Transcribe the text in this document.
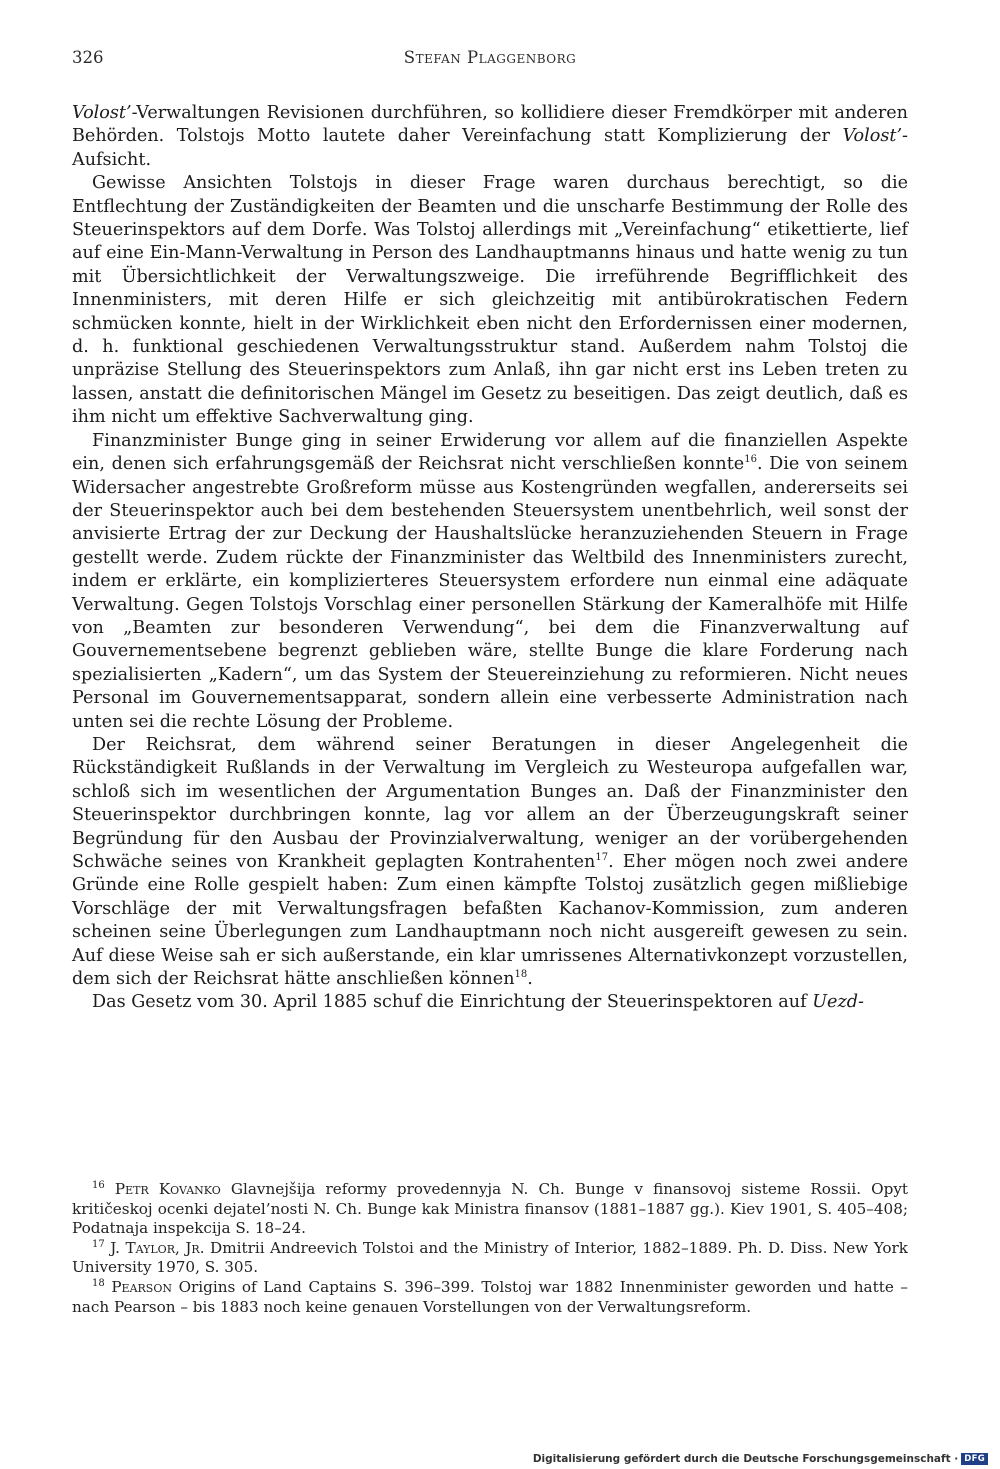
326	Stefan Plaggenborg

Volost’-Verwaltungen Revisionen durchführen, so kollidiere dieser Fremdkörper mit anderen Behörden. Tolstojs Motto lautete daher Vereinfachung statt Komplizierung der Volost’-Aufsicht.

Gewisse Ansichten Tolstojs in dieser Frage waren durchaus berechtigt, so die Entflechtung der Zuständigkeiten der Beamten und die unscharfe Bestimmung der Rolle des Steuerinspektors auf dem Dorfe. Was Tolstoj allerdings mit „Vereinfachung“ etikettierte, lief auf eine Ein-Mann-Verwaltung in Person des Landhauptmanns hinaus und hatte wenig zu tun mit Übersichtlichkeit der Verwaltungszweige. Die irreführende Begrifflichkeit des Innenministers, mit deren Hilfe er sich gleichzeitig mit antibürokratischen Federn schmücken konnte, hielt in der Wirklichkeit eben nicht den Erfordernissen einer modernen, d. h. funktional geschiedenen Verwaltungsstruktur stand. Außerdem nahm Tolstoj die unpräzise Stellung des Steuerinspektors zum Anlaß, ihn gar nicht erst ins Leben treten zu lassen, anstatt die definitorischen Mängel im Gesetz zu beseitigen. Das zeigt deutlich, daß es ihm nicht um effektive Sachverwaltung ging.

Finanzminister Bunge ging in seiner Erwiderung vor allem auf die finanziellen Aspekte ein, denen sich erfahrungsgemäß der Reichsrat nicht verschließen konnte$^{16}$. Die von seinem Widersacher angestrebte Großreform müsse aus Kostengründen wegfallen, andererseits sei der Steuerinspektor auch bei dem bestehenden Steuersystem unentbehrlich, weil sonst der anvisierte Ertrag der zur Deckung der Haushaltslücke heranzuziehenden Steuern in Frage gestellt werde. Zudem rückte der Finanzminister das Weltbild des Innenministers zurecht, indem er erklärte, ein komplizierteres Steuersystem erfordere nun einmal eine adäquate Verwaltung. Gegen Tolstojs Vorschlag einer personellen Stärkung der Kameralhöfe mit Hilfe von „Beamten zur besonderen Verwendung“, bei dem die Finanzverwaltung auf Gouvernementsebene begrenzt geblieben wäre, stellte Bunge die klare Forderung nach spezialisierten „Kadern“, um das System der Steuereinziehung zu reformieren. Nicht neues Personal im Gouvernementsapparat, sondern allein eine verbesserte Administration nach unten sei die rechte Lösung der Probleme.

Der Reichsrat, dem während seiner Beratungen in dieser Angelegenheit die Rückständigkeit Rußlands in der Verwaltung im Vergleich zu Westeuropa aufgefallen war, schloß sich im wesentlichen der Argumentation Bunges an. Daß der Finanzminister den Steuerinspektor durchbringen konnte, lag vor allem an der Überzeugungskraft seiner Begründung für den Ausbau der Provinzialverwaltung, weniger an der vorübergehenden Schwäche seines von Krankheit geplagten Kontrahenten$^{17}$. Eher mögen noch zwei andere Gründe eine Rolle gespielt haben: Zum einen kämpfte Tolstoj zusätzlich gegen mißliebige Vorschläge der mit Verwaltungsfragen befaßten Kachanov-Kommission, zum anderen scheinen seine Überlegungen zum Landhauptmann noch nicht ausgereift gewesen zu sein. Auf diese Weise sah er sich außerstande, ein klar umrissenes Alternativkonzept vorzustellen, dem sich der Reichsrat hätte anschließen können$^{18}$.

Das Gesetz vom 30. April 1885 schuf die Einrichtung der Steuerinspektoren auf Uezd-

$^{16}$ Petr Kovanko Glavnejšija reformy provedennyja N. Ch. Bunge v finansovoj sisteme Rossii. Opyt kritičeskoj ocenki dejatel’nosti N. Ch. Bunge kak Ministra finansov (1881–1887 gg.). Kiev 1901, S. 405–408; Podatnaja inspekcija S. 18–24.

$^{17}$ J. Taylor, Jr. Dmitrii Andreevich Tolstoi and the Ministry of Interior, 1882–1889. Ph. D. Diss. New York University 1970, S. 305.

$^{18}$ Pearson Origins of Land Captains S. 396–399. Tolstoj war 1882 Innenminister geworden und hatte – nach Pearson – bis 1883 noch keine genauen Vorstellungen von der Verwaltungsreform.

Digitalisierung gefördert durch die Deutsche Forschungsgemeinschaft · DFG
